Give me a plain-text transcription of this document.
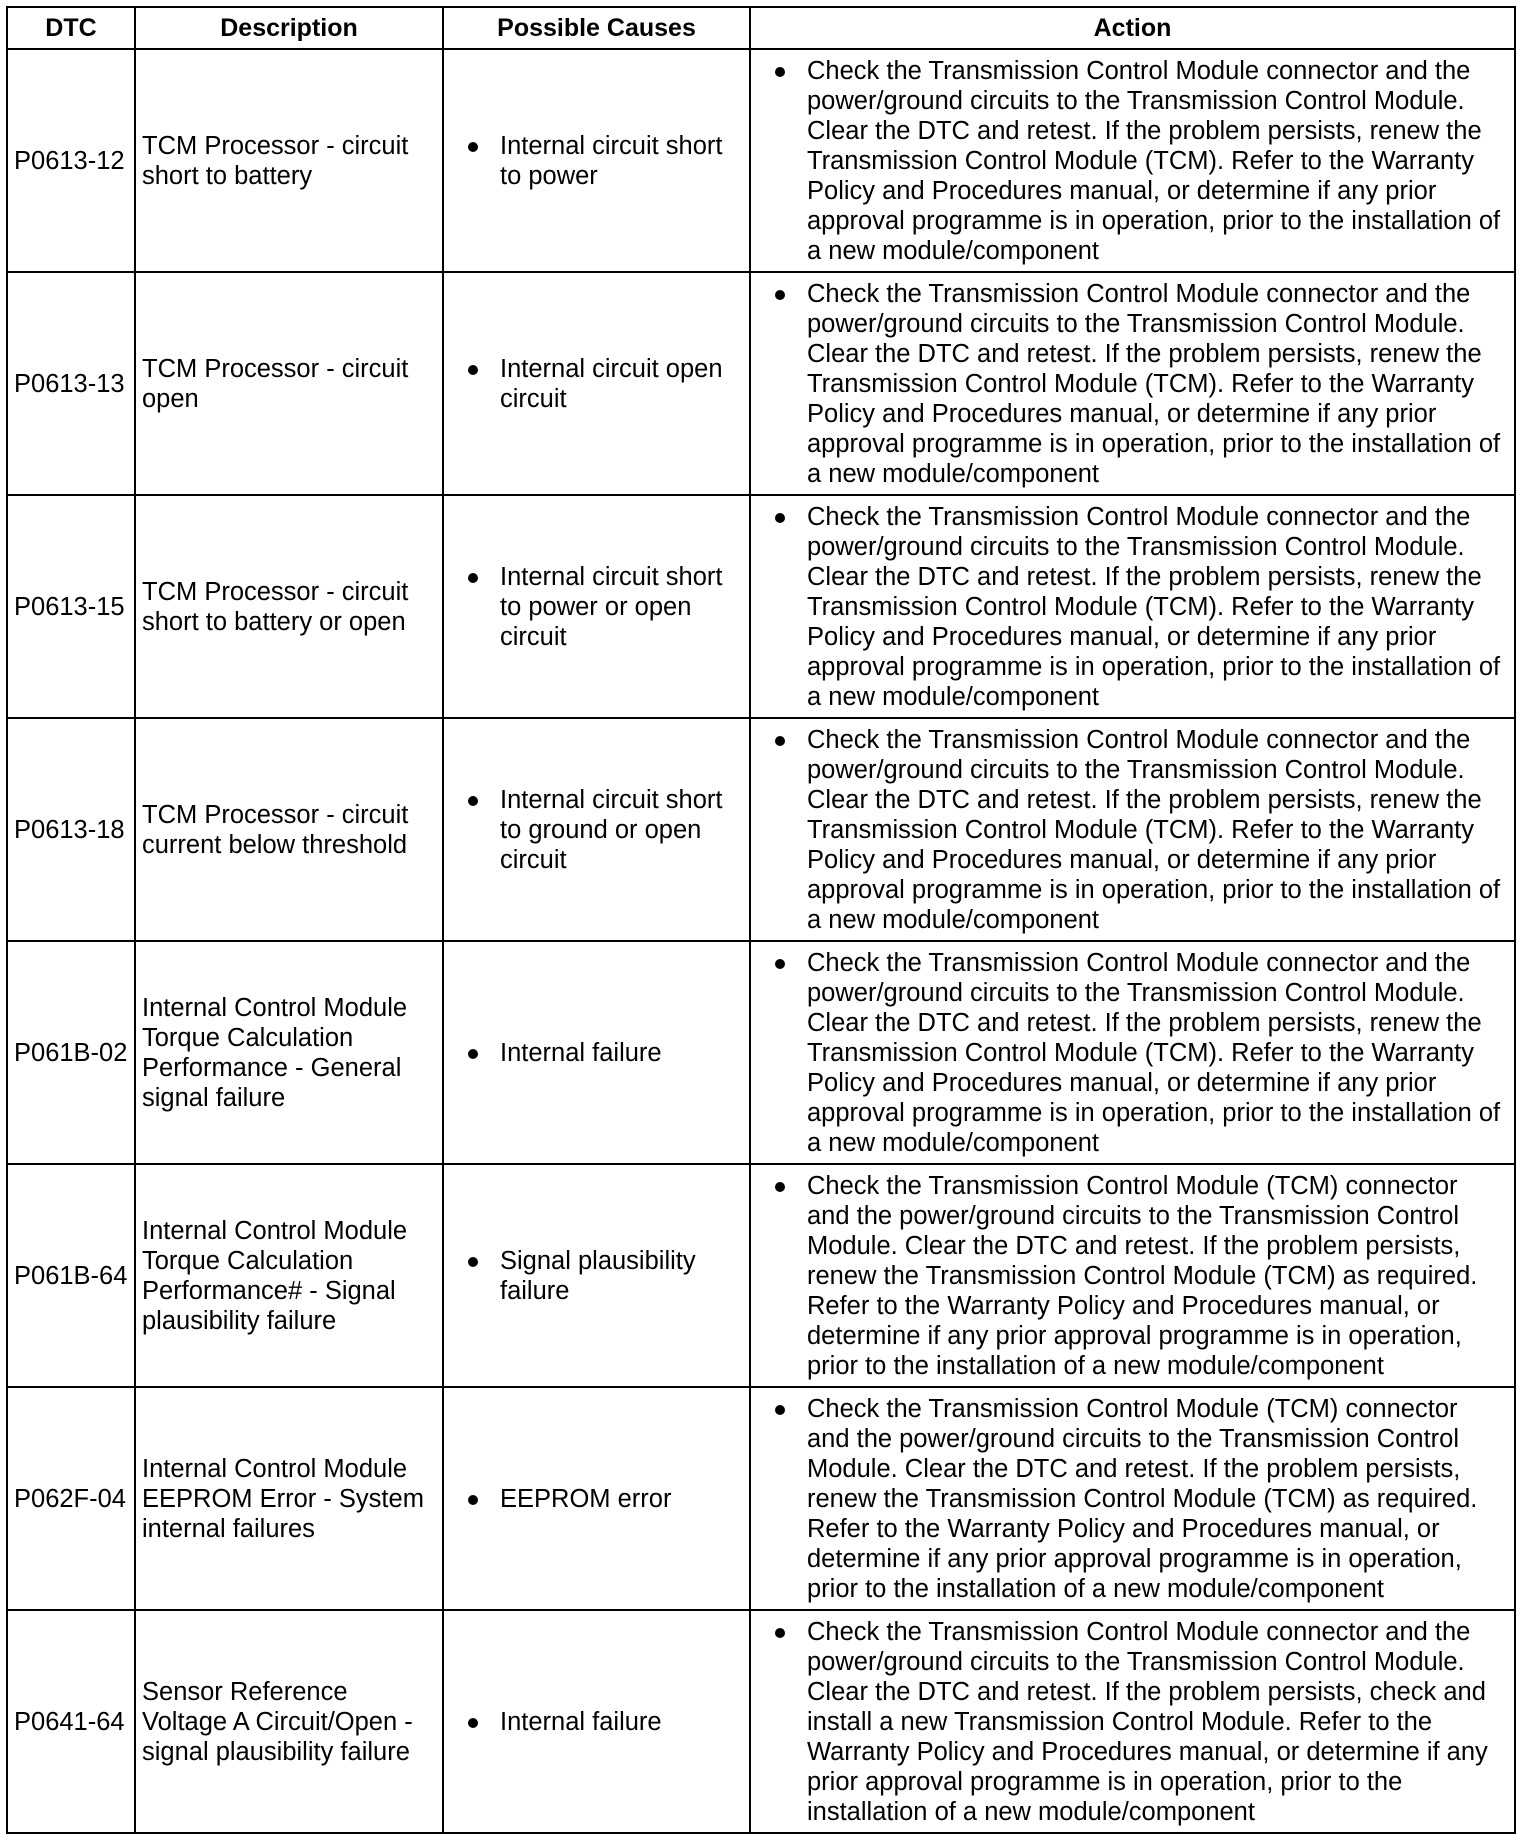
DTC	Description	Possible Causes	Action
P0613-12	TCM Processor - circuit short to battery	Internal circuit short to power	Check the Transmission Control Module connector and the power/ground circuits to the Transmission Control Module. Clear the DTC and retest. If the problem persists, renew the Transmission Control Module (TCM). Refer to the Warranty Policy and Procedures manual, or determine if any prior approval programme is in operation, prior to the installation of a new module/component

P0613-13	TCM Processor - circuit open	Internal circuit open circuit	Check the Transmission Control Module connector and the power/ground circuits to the Transmission Control Module. Clear the DTC and retest. If the problem persists, renew the Transmission Control Module (TCM). Refer to the Warranty Policy and Procedures manual, or determine if any prior approval programme is in operation, prior to the installation of a new module/component

P0613-15	TCM Processor - circuit short to battery or open	Internal circuit short to power or open circuit	Check the Transmission Control Module connector and the power/ground circuits to the Transmission Control Module. Clear the DTC and retest. If the problem persists, renew the Transmission Control Module (TCM). Refer to the Warranty Policy and Procedures manual, or determine if any prior approval programme is in operation, prior to the installation of a new module/component

P0613-18	TCM Processor - circuit current below threshold	Internal circuit short to ground or open circuit	Check the Transmission Control Module connector and the power/ground circuits to the Transmission Control Module. Clear the DTC and retest. If the problem persists, renew the Transmission Control Module (TCM). Refer to the Warranty Policy and Procedures manual, or determine if any prior approval programme is in operation, prior to the installation of a new module/component

P061B-02	Internal Control Module Torque Calculation Performance - General signal failure	Internal failure	Check the Transmission Control Module connector and the power/ground circuits to the Transmission Control Module. Clear the DTC and retest. If the problem persists, renew the Transmission Control Module (TCM). Refer to the Warranty Policy and Procedures manual, or determine if any prior approval programme is in operation, prior to the installation of a new module/component

P061B-64	Internal Control Module Torque Calculation Performance# - Signal plausibility failure	Signal plausibility failure	Check the Transmission Control Module (TCM) connector and the power/ground circuits to the Transmission Control Module. Clear the DTC and retest. If the problem persists, renew the Transmission Control Module (TCM) as required. Refer to the Warranty Policy and Procedures manual, or determine if any prior approval programme is in operation, prior to the installation of a new module/component

P062F-04	Internal Control Module EEPROM Error - System internal failures	EEPROM error	Check the Transmission Control Module (TCM) connector and the power/ground circuits to the Transmission Control Module. Clear the DTC and retest. If the problem persists, renew the Transmission Control Module (TCM) as required. Refer to the Warranty Policy and Procedures manual, or determine if any prior approval programme is in operation, prior to the installation of a new module/component

P0641-64	Sensor Reference Voltage A Circuit/Open - signal plausibility failure	Internal failure	Check the Transmission Control Module connector and the power/ground circuits to the Transmission Control Module. Clear the DTC and retest. If the problem persists, check and install a new Transmission Control Module. Refer to the Warranty Policy and Procedures manual, or determine if any prior approval programme is in operation, prior to the installation of a new module/component
